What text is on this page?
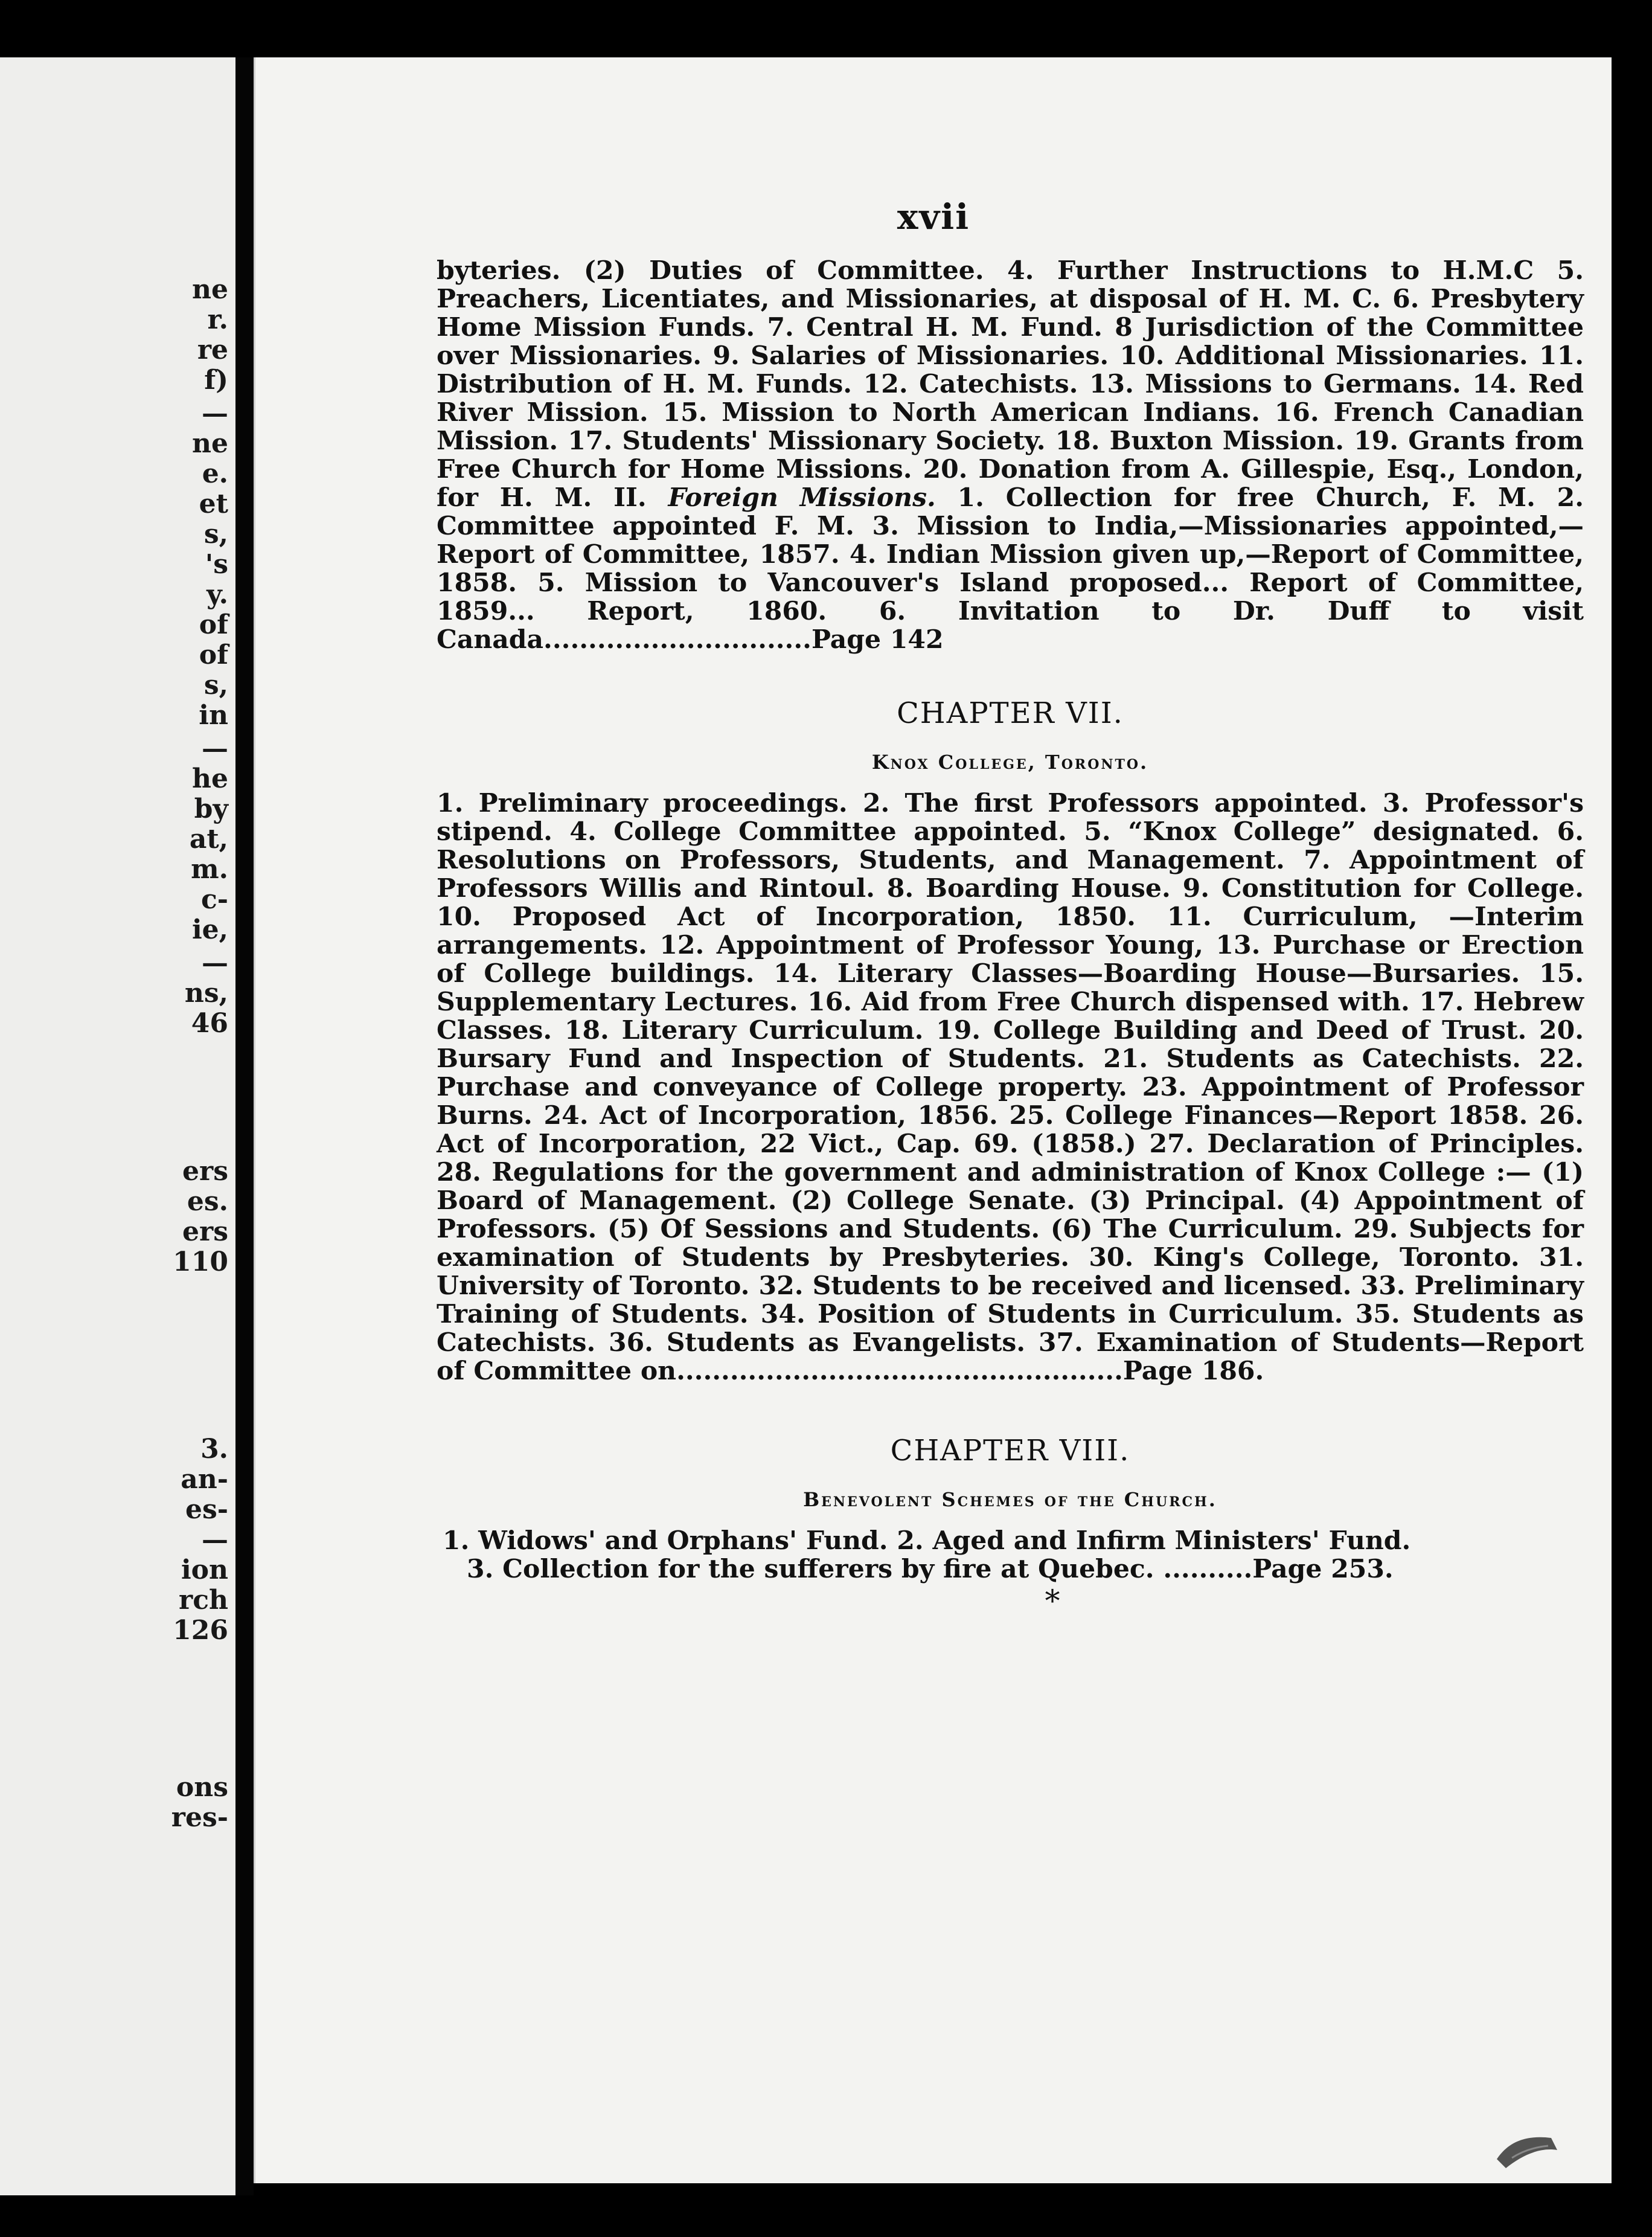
ne
r.
re
f)
—
ne
e.
et
s,
's
y.
of
of
s,
in
—
he
by
at,
m.
c-
ie,
—
ns,
46
ers
es.
ers
110
3.
an-
es-
—
ion
rch
126
ons
res-
xvii

byteries. (2) Duties of Committee. 4. Further Instructions to H.M.C 5. Preachers, Licentiates, and Missionaries, at disposal of H. M. C. 6. Presbytery Home Mission Funds. 7. Central H. M. Fund. 8 Jurisdiction of the Committee over Missionaries. 9. Salaries of Missionaries. 10. Additional Missionaries. 11. Distribution of H. M. Funds. 12. Catechists. 13. Missions to Germans. 14. Red River Mission. 15. Mission to North American Indians. 16. French Canadian Mission. 17. Students' Missionary Society. 18. Buxton Mission. 19. Grants from Free Church for Home Missions. 20. Donation from A. Gillespie, Esq., London, for H. M. II. Foreign Missions. 1. Collection for free Church, F. M. 2. Committee appointed F. M. 3. Mission to India,—Missionaries appointed,—Report of Committee, 1857. 4. Indian Mission given up,—Report of Committee, 1858. 5. Mission to Vancouver's Island proposed... Report of Committee, 1859... Report, 1860. 6. Invitation to Dr. Duff to visit Canada..............................Page 142

CHAPTER VII.
Knox College, Toronto.

1. Preliminary proceedings. 2. The first Professors appointed. 3. Professor's stipend. 4. College Committee appointed. 5. “Knox College” designated. 6. Resolutions on Professors, Students, and Management. 7. Appointment of Professors Willis and Rintoul. 8. Boarding House. 9. Constitution for College. 10. Proposed Act of Incorporation, 1850. 11. Curriculum, —Interim arrangements. 12. Appointment of Professor Young, 13. Purchase or Erection of College buildings. 14. Literary Classes—Boarding House—Bursaries. 15. Supplementary Lectures. 16. Aid from Free Church dispensed with. 17. Hebrew Classes. 18. Literary Curriculum. 19. College Building and Deed of Trust. 20. Bursary Fund and Inspection of Students. 21. Students as Catechists. 22. Purchase and conveyance of College property. 23. Appointment of Professor Burns. 24. Act of Incorporation, 1856. 25. College Finances—Report 1858. 26. Act of Incorporation, 22 Vict., Cap. 69. (1858.) 27. Declaration of Principles. 28. Regulations for the government and administration of Knox College :— (1) Board of Management. (2) College Senate. (3) Principal. (4) Appointment of Professors. (5) Of Sessions and Students. (6) The Curriculum. 29. Subjects for examination of Students by Presbyteries. 30. King's College, Toronto. 31. University of Toronto. 32. Students to be received and licensed. 33. Preliminary Training of Students. 34. Position of Students in Curriculum. 35. Students as Catechists. 36. Students as Evangelists. 37. Examination of Students—Report of Committee on..................................................Page 186.

CHAPTER VIII.
Benevolent Schemes of the Church.

1. Widows' and Orphans' Fund. 2. Aged and Infirm Ministers' Fund.

3. Collection for the sufferers by fire at Quebec. ..........Page 253.

*
